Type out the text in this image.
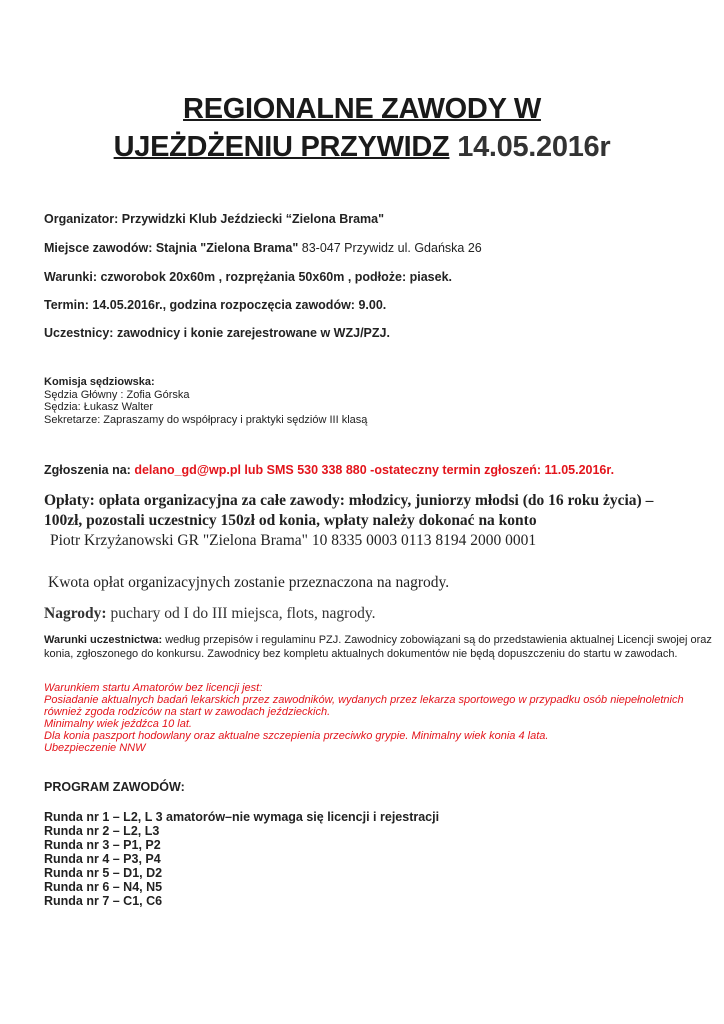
REGIONALNE ZAWODY W
UJEŻDŻENIU PRZYWIDZ 14.05.2016r
Organizator: Przywidzki Klub Jeździecki “Zielona Brama"
Miejsce zawodów: Stajnia "Zielona Brama" 83-047 Przywidz ul. Gdańska 26
Warunki: czworobok 20x60m , rozprężania 50x60m , podłoże: piasek.
Termin: 14.05.2016r., godzina rozpoczęcia zawodów: 9.00.
Uczestnicy: zawodnicy i konie zarejestrowane w WZJ/PZJ.
Komisja sędziowska:
Sędzia Główny : Zofia Górska
Sędzia: Łukasz Walter
Sekretarze: Zapraszamy do współpracy i praktyki sędziów III klasą
Zgłoszenia na: delano_gd@wp.pl lub SMS 530 338 880 -ostateczny termin zgłoszeń: 11.05.2016r.
Opłaty: opłata organizacyjna za całe zawody: młodzicy, juniorzy młodsi (do 16 roku życia) – 100zł, pozostali uczestnicy 150zł od konia, wpłaty należy dokonać na konto
Piotr Krzyżanowski GR "Zielona Brama" 10 8335 0003 0113 8194 2000 0001
Kwota opłat organizacyjnych zostanie przeznaczona na nagrody.
Nagrody: puchary od I do III miejsca, flots, nagrody.
Warunki uczestnictwa: według przepisów i regulaminu PZJ. Zawodnicy zobowiązani są do przedstawienia aktualnej Licencji swojej oraz konia, zgłoszonego do konkursu. Zawodnicy bez kompletu aktualnych dokumentów nie będą dopuszczeniu do startu w zawodach.
Warunkiem startu Amatorów bez licencji jest:
Posiadanie aktualnych badań lekarskich przez zawodników, wydanych przez lekarza sportowego w przypadku osób niepełnoletnich
również zgoda rodziców na start w zawodach jeździeckich.
Minimalny wiek jeźdźca 10 lat.
Dla konia paszport hodowlany oraz aktualne szczepienia przeciwko grypie. Minimalny wiek konia 4 lata.
Ubezpieczenie NNW
PROGRAM ZAWODÓW:
Runda nr 1 – L2, L 3 amatorów–nie wymaga się licencji i rejestracji
Runda nr 2 – L2, L3
Runda nr 3 – P1, P2
Runda nr 4 – P3, P4
Runda nr 5 – D1, D2
Runda nr 6 – N4, N5
Runda nr 7 – C1, C6
